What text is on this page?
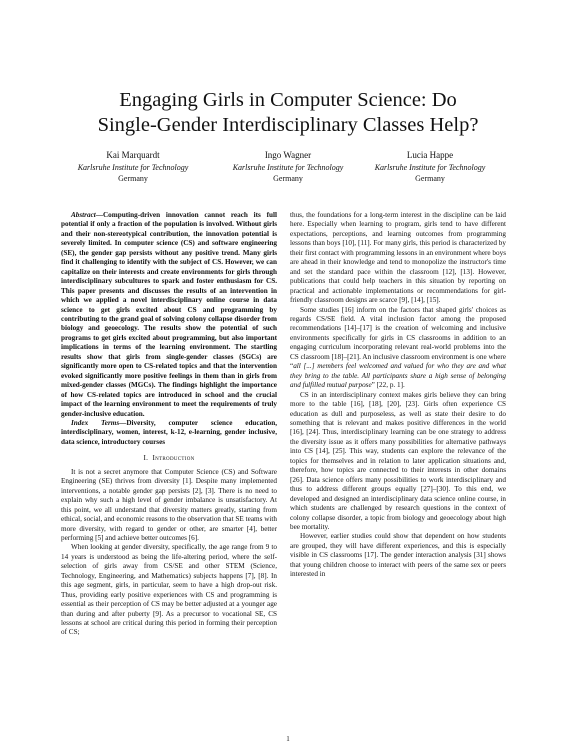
Engaging Girls in Computer Science: Do
Single-Gender Interdisciplinary Classes Help?
Kai Marquardt
Karlsruhe Institute for Technology
Germany
Ingo Wagner
Karlsruhe Institute for Technology
Germany
Lucia Happe
Karlsruhe Institute for Technology
Germany

Abstract—Computing-driven innovation cannot reach its full potential if only a fraction of the population is involved. Without girls and their non-stereotypical contribution, the innovation potential is severely limited. In computer science (CS) and software engineering (SE), the gender gap persists without any positive trend. Many girls find it challenging to identify with the subject of CS. However, we can capitalize on their interests and create environments for girls through interdisciplinary subcultures to spark and foster enthusiasm for CS. This paper presents and discusses the results of an intervention in which we applied a novel interdisciplinary online course in data science to get girls excited about CS and programming by contributing to the grand goal of solving colony collapse disorder from biology and geoecology. The results show the potential of such programs to get girls excited about programming, but also important implications in terms of the learning environment. The startling results show that girls from single-gender classes (SGCs) are significantly more open to CS-related topics and that the intervention evoked significantly more positive feelings in them than in girls from mixed-gender classes (MGCs). The findings highlight the importance of how CS-related topics are introduced in school and the crucial impact of the learning environment to meet the requirements of truly gender-inclusive education.

Index Terms—Diversity, computer science education, interdisciplinary, women, interest, k-12, e-learning, gender inclusive, data science, introductory courses

I. Introduction

It is not a secret anymore that Computer Science (CS) and Software Engineering (SE) thrives from diversity [1]. Despite many implemented interventions, a notable gender gap persists [2], [3]. There is no need to explain why such a high level of gender imbalance is unsatisfactory. At this point, we all understand that diversity matters greatly, starting from ethical, social, and economic reasons to the observation that SE teams with more diversity, with regard to gender or other, are smarter [4], better performing [5] and achieve better outcomes [6].

When looking at gender diversity, specifically, the age range from 9 to 14 years is understood as being the life-altering period, where the self-selection of girls away from CS/SE and other STEM (Science, Technology, Engineering, and Mathematics) subjects happens [7], [8]. In this age segment, girls, in particular, seem to have a high drop-out risk. Thus, providing early positive experiences with CS and programming is essential as their perception of CS may be better adjusted at a younger age than during and after puberty [9]. As a precursor to vocational SE, CS lessons at school are critical during this period in forming their perception of CS;

thus, the foundations for a long-term interest in the discipline can be laid here. Especially when learning to program, girls tend to have different expectations, perceptions, and learning outcomes from programming lessons than boys [10], [11]. For many girls, this period is characterized by their first contact with programming lessons in an environment where boys are ahead in their knowledge and tend to monopolize the instructor's time and set the standard pace within the classroom [12], [13]. However, publications that could help teachers in this situation by reporting on practical and actionable implementations or recommendations for girl-friendly classroom designs are scarce [9], [14], [15].

Some studies [16] inform on the factors that shaped girls' choices as regards CS/SE field. A vital inclusion factor among the proposed recommendations [14]–[17] is the creation of welcoming and inclusive environments specifically for girls in CS classrooms in addition to an engaging curriculum incorporating relevant real-world problems into the CS classroom [18]–[21]. An inclusive classroom environment is one where “all [...] members feel welcomed and valued for who they are and what they bring to the table. All participants share a high sense of belonging and fulfilled mutual purpose” [22, p. 1].

CS in an interdisciplinary context makes girls believe they can bring more to the table [16], [18], [20], [23]. Girls often experience CS education as dull and purposeless, as well as state their desire to do something that is relevant and makes positive differences in the world [16], [24]. Thus, interdisciplinary learning can be one strategy to address the diversity issue as it offers many possibilities for alternative pathways into CS [14], [25]. This way, students can explore the relevance of the topics for themselves and in relation to later application situations and, therefore, how topics are connected to their interests in other domains [26]. Data science offers many possibilities to work interdisciplinary and thus to address different groups equally [27]–[30]. To this end, we developed and designed an interdisciplinary data science online course, in which students are challenged by research questions in the context of colony collapse disorder, a topic from biology and geoecology about high bee mortality.

However, earlier studies could show that dependent on how students are grouped, they will have different experiences, and this is especially visible in CS classrooms [17]. The gender interaction analysis [31] shows that young children choose to interact with peers of the same sex or peers interested in

1
